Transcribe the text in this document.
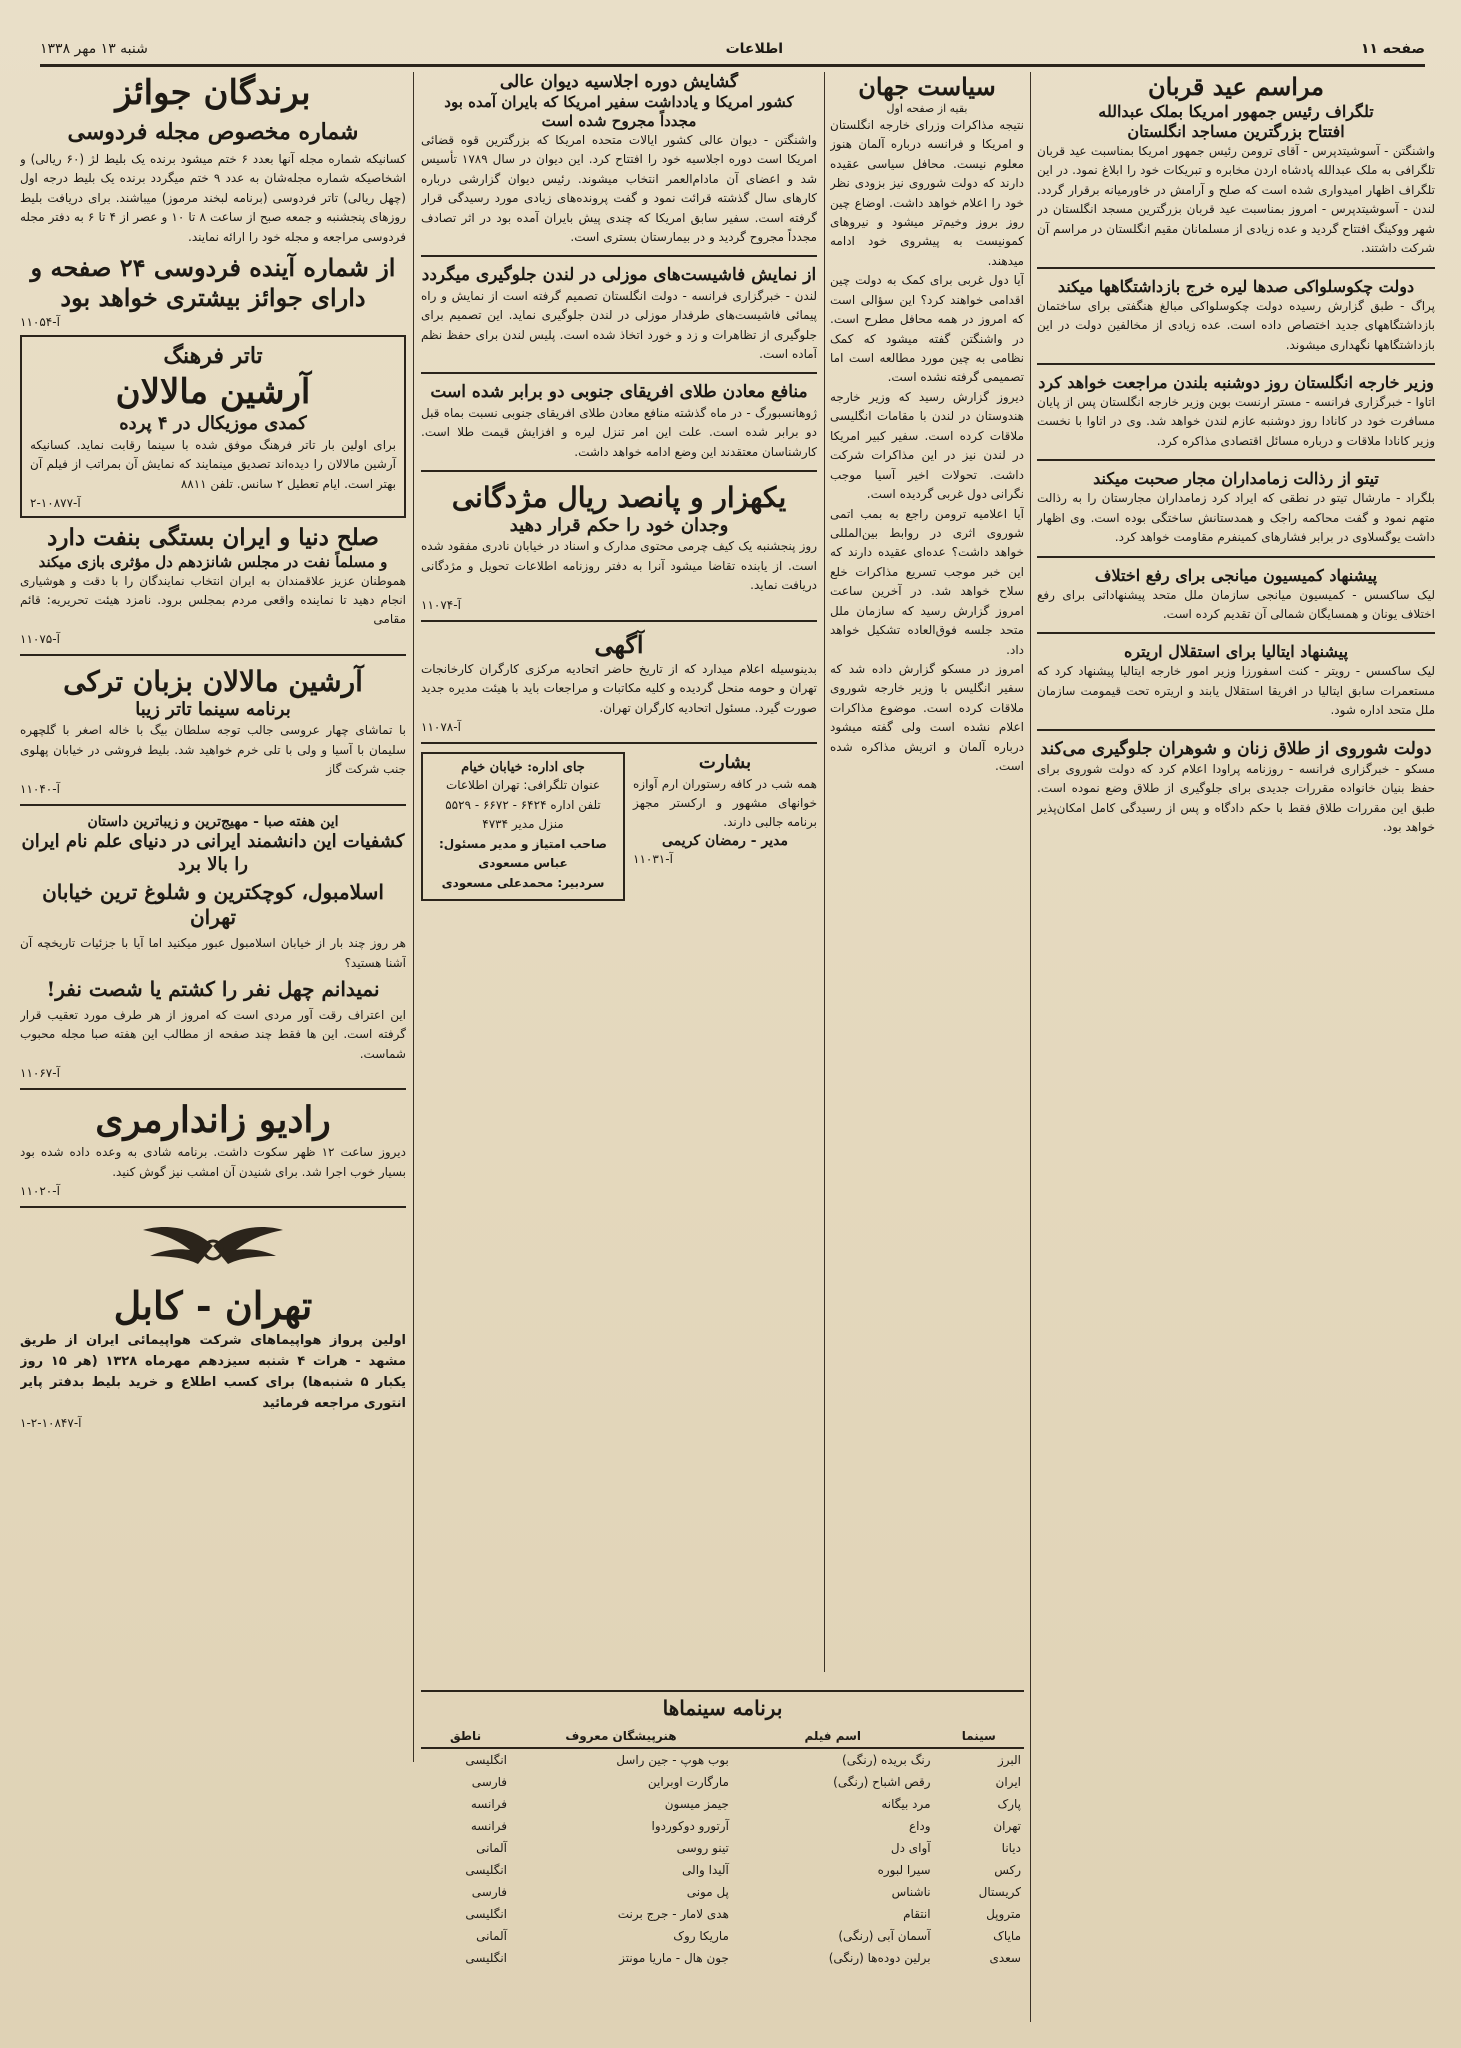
صفحه ۱۱
اطلاعات
شنبه ۱۳ مهر ۱۳۳۸
برندگان جوائز
شماره مخصوص مجله فردوسی
کسانیکه شماره مجله آنها بعدد ۶ ختم میشود برنده یک بلیط لژ (۶۰ ریالی) و اشخاصیکه شماره مجله‌شان به عدد ۹ ختم میگردد برنده یک بلیط درجه اول (چهل ریالی) تاتر فردوسی (برنامه لبخند مرموز) میباشند. برای دریافت بلیط روزهای پنجشنبه و جمعه صبح از ساعت ۸ تا ۱۰ و عصر از ۴ تا ۶ به دفتر مجله فردوسی مراجعه و مجله خود را ارائه نمایند.
از شماره آینده فردوسی ۲۴ صفحه و دارای جوائز بیشتری خواهد بود
آ-۱۱۰۵۴
تاتر فرهنگ
آرشین مالالان
کمدی موزیکال در ۴ پرده
برای اولین بار تاتر فرهنگ موفق شده با سینما رقابت نماید. کسانیکه آرشین مالالان را دیده‌اند تصدیق مینمایند که نمایش آن بمراتب از فیلم آن بهتر است. ایام تعطیل ۲ سانس. تلفن ۸۸۱۱
آ-۱۰۸۷۷-۲
صلح دنیا و ایران بستگی بنفت دارد
و مسلماً نفت در مجلس شانزدهم دل مؤثری بازی میکند
هموطنان عزیز علاقمندان به ایران انتخاب نمایندگان را با دقت و هوشیاری انجام دهید تا نماینده واقعی مردم بمجلس برود. نامزد هیئت تحریریه: قائم مقامی
آ-۱۱۰۷۵
آرشین مالالان بزبان ترکی
برنامه سینما تاتر زیبا
با تماشای چهار عروسی جالب توجه سلطان بیگ با خاله اصغر با گلچهره سلیمان با آسیا و ولی با تلی خرم خواهید شد. بلیط فروشی در خیابان پهلوی جنب شرکت گاز
آ-۱۱۰۴۰
این هفته صبا - مهیج‌ترین و زیباترین داستان
کشفیات این دانشمند ایرانی در دنیای علم نام ایران را بالا برد
اسلامبول، کوچکترین و شلوغ ترین خیابان تهران
هر روز چند بار از خیابان اسلامبول عبور میکنید اما آیا با جزئیات تاریخچه آن آشنا هستید؟
نمیدانم چهل نفر را کشتم یا شصت نفر!
این اعتراف رقت آور مردی است که امروز از هر طرف مورد تعقیب قرار گرفته است. این ها فقط چند صفحه از مطالب این هفته صبا مجله محبوب شماست.
آ-۱۱۰۶۷
رادیو زاندارمری
دیروز ساعت ۱۲ ظهر سکوت داشت. برنامه شادی به وعده داده شده بود بسیار خوب اجرا شد. برای شنیدن آن امشب نیز گوش کنید.
آ-۱۱۰۲۰
تهران - کابل
اولین پرواز هواپیماهای شرکت هواپیمائی ایران از طریق مشهد - هرات ۴ شنبه سیزدهم مهرماه ۱۳۲۸ (هر ۱۵ روز یکبار ۵ شنبه‌ها) برای کسب اطلاع و خرید بلیط بدفتر پایر انتوری مراجعه فرمائید
آ-۱۰۸۴۷-۲-۱
گشایش دوره اجلاسیه دیوان عالی
کشور امریکا و یادداشت سفیر امریکا که بایران آمده بود
مجدداً مجروح شده است
واشنگتن - دیوان عالی کشور ایالات متحده امریکا که بزرگترین قوه قضائی امریکا است دوره اجلاسیه خود را افتتاح کرد. این دیوان در سال ۱۷۸۹ تأسیس شد و اعضای آن مادام‌العمر انتخاب میشوند. رئیس دیوان گزارشی درباره کارهای سال گذشته قرائت نمود و گفت پرونده‌های زیادی مورد رسیدگی قرار گرفته است. سفیر سابق امریکا که چندی پیش بایران آمده بود در اثر تصادف مجدداً مجروح گردید و در بیمارستان بستری است.
از نمایش فاشیست‌های موزلی در لندن جلوگیری میگردد
لندن - خبرگزاری فرانسه - دولت انگلستان تصمیم گرفته است از نمایش و راه پیمائی فاشیست‌های طرفدار موزلی در لندن جلوگیری نماید. این تصمیم برای جلوگیری از تظاهرات و زد و خورد اتخاذ شده است. پلیس لندن برای حفظ نظم آماده است.
منافع معادن طلای افریقای جنوبی دو برابر شده است
ژوهانسبورگ - در ماه گذشته منافع معادن طلای افریقای جنوبی نسبت بماه قبل دو برابر شده است. علت این امر تنزل لیره و افزایش قیمت طلا است. کارشناسان معتقدند این وضع ادامه خواهد داشت.
یکهزار و پانصد ریال مژدگانی
وجدان خود را حکم قرار دهید
روز پنجشنبه یک کیف چرمی محتوی مدارک و اسناد در خیابان نادری مفقود شده است. از یابنده تقاضا میشود آنرا به دفتر روزنامه اطلاعات تحویل و مژدگانی دریافت نماید.
آ-۱۱۰۷۴
آگهی
بدینوسیله اعلام میدارد که از تاریخ حاضر اتحادیه مرکزی کارگران کارخانجات تهران و حومه منحل گردیده و کلیه مکاتبات و مراجعات باید با هیئت مدیره جدید صورت گیرد. مسئول اتحادیه کارگران تهران.
آ-۱۱۰۷۸
بشارت
همه شب در کافه رستوران ارم آوازه خوانهای مشهور و ارکستر مجهز برنامه جالبی دارند.
مدیر - رمضان کریمی
آ-۱۱۰۳۱
جای اداره: خیابان خیام
عنوان تلگرافی: تهران اطلاعات
تلفن اداره ۶۴۲۴ - ۶۶۷۲ - ۵۵۲۹
منزل مدیر ۴۷۳۴
صاحب امتیاز و مدیر مسئول: عباس مسعودی
سردبیر: محمدعلی مسعودی
سیاست جهان
بقیه از صفحه اول
نتیجه مذاکرات وزرای خارجه انگلستان و امریکا و فرانسه درباره آلمان هنوز معلوم نیست. محافل سیاسی عقیده دارند که دولت شوروی نیز بزودی نظر خود را اعلام خواهد داشت. اوضاع چین روز بروز وخیم‌تر میشود و نیروهای کمونیست به پیشروی خود ادامه میدهند.
آیا دول غربی برای کمک به دولت چین اقدامی خواهند کرد؟ این سؤالی است که امروز در همه محافل مطرح است. در واشنگتن گفته میشود که کمک نظامی به چین مورد مطالعه است اما تصمیمی گرفته نشده است.
دیروز گزارش رسید که وزیر خارجه هندوستان در لندن با مقامات انگلیسی ملاقات کرده است. سفیر کبیر امریکا در لندن نیز در این مذاکرات شرکت داشت. تحولات اخیر آسیا موجب نگرانی دول غربی گردیده است.
آیا اعلامیه ترومن راجع به بمب اتمی شوروی اثری در روابط بین‌المللی خواهد داشت؟ عده‌ای عقیده دارند که این خبر موجب تسریع مذاکرات خلع سلاح خواهد شد. در آخرین ساعت امروز گزارش رسید که سازمان ملل متحد جلسه فوق‌العاده تشکیل خواهد داد.
امروز در مسکو گزارش داده شد که سفیر انگلیس با وزیر خارجه شوروی ملاقات کرده است. موضوع مذاکرات اعلام نشده است ولی گفته میشود درباره آلمان و اتریش مذاکره شده است.
مراسم عید قربان
تلگراف رئیس جمهور امریکا بملک عبدالله
افتتاح بزرگترین مساجد انگلستان
واشنگتن - آسوشیتدپرس - آقای ترومن رئیس جمهور امریکا بمناسبت عید قربان تلگرافی به ملک عبدالله پادشاه اردن مخابره و تبریکات خود را ابلاغ نمود. در این تلگراف اظهار امیدواری شده است که صلح و آرامش در خاورمیانه برقرار گردد. لندن - آسوشیتدپرس - امروز بمناسبت عید قربان بزرگترین مسجد انگلستان در شهر ووکینگ افتتاح گردید و عده زیادی از مسلمانان مقیم انگلستان در مراسم آن شرکت داشتند.
دولت چکوسلواکی صدها لیره خرج بازداشتگاهها میکند
پراگ - طبق گزارش رسیده دولت چکوسلواکی مبالغ هنگفتی برای ساختمان بازداشتگاههای جدید اختصاص داده است. عده زیادی از مخالفین دولت در این بازداشتگاهها نگهداری میشوند.
وزیر خارجه انگلستان روز دوشنبه بلندن مراجعت خواهد کرد
اتاوا - خبرگزاری فرانسه - مستر ارنست بوین وزیر خارجه انگلستان پس از پایان مسافرت خود در کانادا روز دوشنبه عازم لندن خواهد شد. وی در اتاوا با نخست وزیر کانادا ملاقات و درباره مسائل اقتصادی مذاکره کرد.
تیتو از رذالت زمامداران مجار صحبت میکند
بلگراد - مارشال تیتو در نطقی که ایراد کرد زمامداران مجارستان را به رذالت متهم نمود و گفت محاکمه راجک و همدستانش ساختگی بوده است. وی اظهار داشت یوگسلاوی در برابر فشارهای کمینفرم مقاومت خواهد کرد.
پیشنهاد کمیسیون میانجی برای رفع اختلاف
لیک ساکسس - کمیسیون میانجی سازمان ملل متحد پیشنهاداتی برای رفع اختلاف یونان و همسایگان شمالی آن تقدیم کرده است.
پیشنهاد ایتالیا برای استقلال اریتره
لیک ساکسس - رویتر - کنت اسفورزا وزیر امور خارجه ایتالیا پیشنهاد کرد که مستعمرات سابق ایتالیا در افریقا استقلال یابند و اریتره تحت قیمومت سازمان ملل متحد اداره شود.
دولت شوروی از طلاق زنان و شوهران جلوگیری می‌کند
مسکو - خبرگزاری فرانسه - روزنامه پراودا اعلام کرد که دولت شوروی برای حفظ بنیان خانواده مقررات جدیدی برای جلوگیری از طلاق وضع نموده است. طبق این مقررات طلاق فقط با حکم دادگاه و پس از رسیدگی کامل امکان‌پذیر خواهد بود.
برنامه سینماها
سینما	اسم فیلم	هنرپیشگان معروف	ناطق
البرز	رنگ بریده (رنگی)	بوب هوپ - جین راسل	انگلیسی
ایران	رقص اشباح (رنگی)	مارگارت اوبراین	فارسی
پارک	مرد بیگانه	جیمز میسون	فرانسه
تهران	وداع	آرتورو دوکوردوا	فرانسه
دیانا	آوای دل	تینو روسی	آلمانی
رکس	سیرا لبوره	آلیدا والی	انگلیسی
کریستال	ناشناس	پل مونی	فارسی
متروپل	انتقام	هدی لامار - جرج برنت	انگلیسی
مایاک	آسمان آبی (رنگی)	ماریکا روک	آلمانی
سعدی	برلین دوده‌ها (رنگی)	جون هال - ماریا مونتز	انگلیسی
